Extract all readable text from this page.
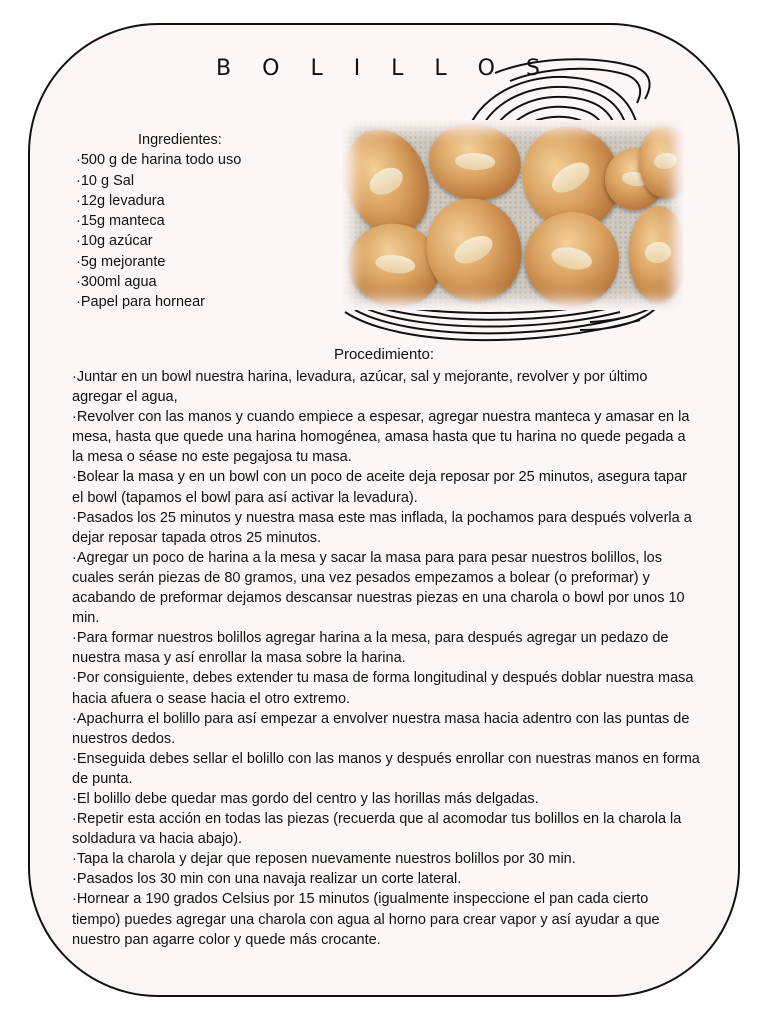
B O L I L L O S
Ingredientes:
·500 g de harina todo uso
·10 g Sal
·12g levadura
·15g manteca
·10g azúcar
·5g mejorante
·300ml agua
·Papel para hornear
Procedimiento:

·Juntar en un bowl nuestra harina, levadura, azúcar, sal y mejorante, revolver y por último agregar el agua,

·Revolver con las manos y cuando empiece a espesar, agregar nuestra manteca y amasar en la mesa, hasta que quede una harina homogénea, amasa hasta que tu harina no quede pegada a la mesa o séase no este pegajosa tu masa.

·Bolear la masa y en un bowl con un poco de aceite deja reposar por 25 minutos, asegura tapar el bowl (tapamos el bowl para así activar la levadura).

·Pasados los 25 minutos y nuestra masa este mas inflada, la pochamos para después volverla a dejar reposar tapada otros 25 minutos.

·Agregar un poco de harina a la mesa y sacar la masa para para pesar nuestros bolillos, los cuales serán piezas de 80 gramos, una vez pesados empezamos a bolear (o preformar) y acabando de preformar dejamos descansar nuestras piezas en una charola o bowl por unos 10 min.

·Para formar nuestros bolillos agregar harina a la mesa, para después agregar un pedazo de nuestra masa y así enrollar la masa sobre la harina.

·Por consiguiente, debes extender tu masa de forma longitudinal y después doblar nuestra masa hacia afuera o sease hacia el otro extremo.

·Apachurra el bolillo para así empezar a envolver nuestra masa hacia adentro con las puntas de nuestros dedos.

·Enseguida debes sellar el bolillo con las manos y después enrollar con nuestras manos en forma de punta.

·El bolillo debe quedar mas gordo del centro y las horillas más delgadas.

·Repetir esta acción en todas las piezas (recuerda que al acomodar tus bolillos en la charola la soldadura va hacia abajo).

·Tapa la charola y dejar que reposen nuevamente nuestros bolillos por 30 min.

·Pasados los 30 min con una navaja realizar un corte lateral.

·Hornear a 190 grados Celsius por 15 minutos (igualmente inspeccione el pan cada cierto tiempo) puedes agregar una charola con agua al horno para crear vapor y así ayudar a que nuestro pan agarre color y quede más crocante.
